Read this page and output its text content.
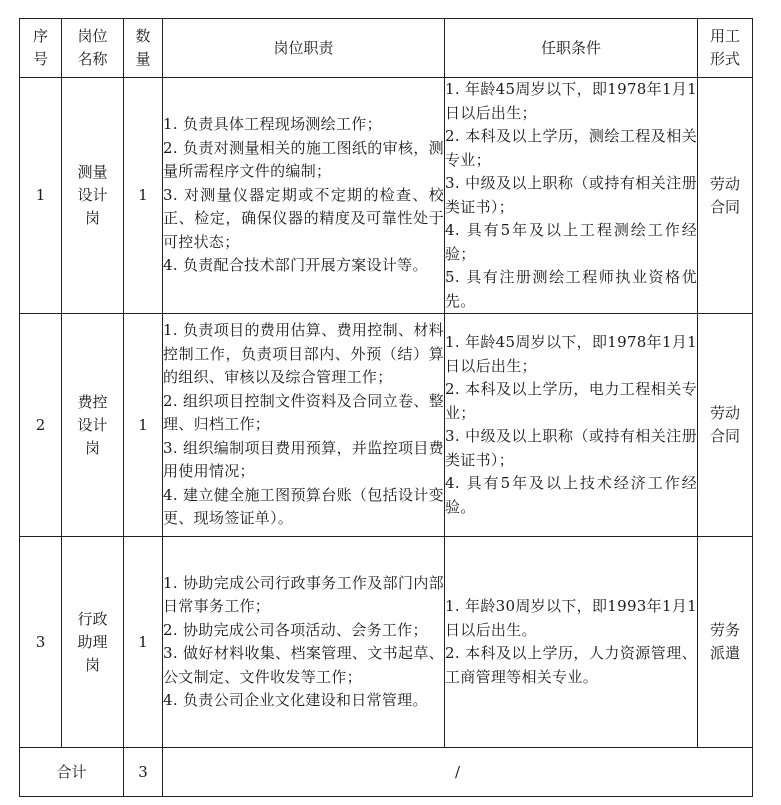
序
号	岗位
名称	数
量	岗位职责	任职条件	用工
形式

1	测量
设计
岗	1	1. 负责具体工程现场测绘工作；
2. 负责对测量相关的施工图纸的审核，测量所需程序文件的编制；
3. 对测量仪器定期或不定期的检查、校正、检定，确保仪器的精度及可靠性处于可控状态；
4. 负责配合技术部门开展方案设计等。	1. 年龄45周岁以下，即1978年1月1日以后出生；
2. 本科及以上学历，测绘工程及相关专业；
3. 中级及以上职称（或持有相关注册类证书）；
4. 具有5年及以上工程测绘工作经验；
5. 具有注册测绘工程师执业资格优先。	劳动
合同

2	费控
设计
岗	1	1. 负责项目的费用估算、费用控制、材料控制工作，负责项目部内、外预（结）算的组织、审核以及综合管理工作；
2. 组织项目控制文件资料及合同立卷、整理、归档工作；
3. 组织编制项目费用预算，并监控项目费用使用情况；
4. 建立健全施工图预算台账（包括设计变更、现场签证单）。	1. 年龄45周岁以下，即1978年1月1日以后出生；
2. 本科及以上学历，电力工程相关专业；
3. 中级及以上职称（或持有相关注册类证书）；
4. 具有5年及以上技术经济工作经验。	劳动
合同

3	行政
助理
岗	1	1. 协助完成公司行政事务工作及部门内部日常事务工作；
2. 协助完成公司各项活动、会务工作；
3. 做好材料收集、档案管理、文书起草、公文制定、文件收发等工作；
4. 负责公司企业文化建设和日常管理。	1. 年龄30周岁以下，即1993年1月1日以后出生。
2. 本科及以上学历，人力资源管理、工商管理等相关专业。	劳务
派遣

合计		3	/		
